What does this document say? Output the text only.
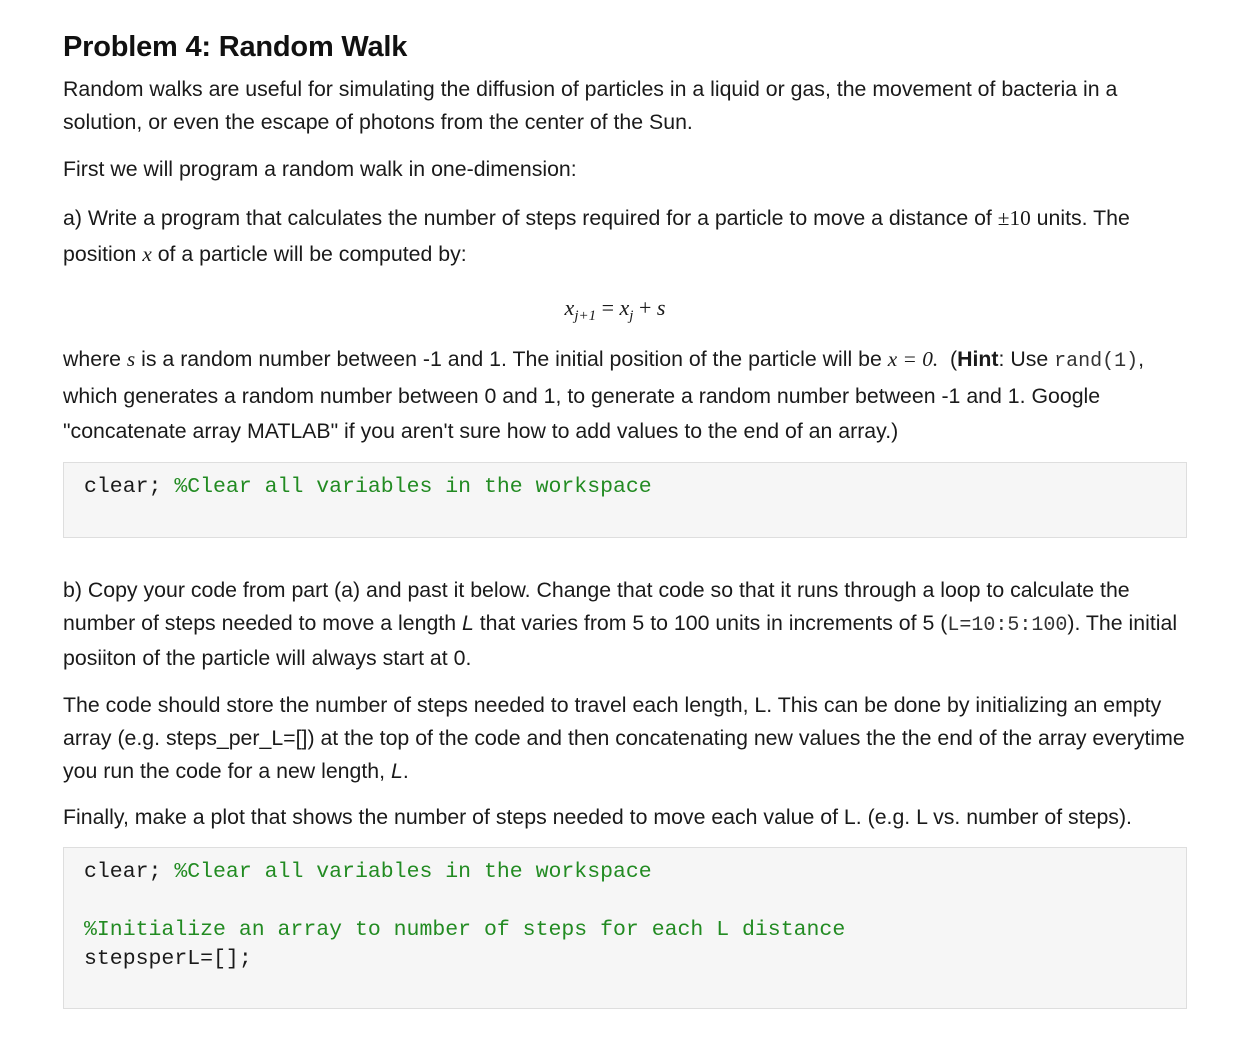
Problem 4: Random Walk

Random walks are useful for simulating the diffusion of particles in a liquid or gas, the movement of bacteria in a solution, or even the escape of photons from the center of the Sun.

First we will program a random walk in one-dimension:

a) Write a program that calculates the number of steps required for a particle to move a distance of ±10 units. The position x of a particle will be computed by:

$x_{j+1} = x_j + s$

where s is a random number between -1 and 1. The initial position of the particle will be x = 0.  (Hint: Use rand(1), which generates a random number between 0 and 1, to generate a random number between -1 and 1. Google "concatenate array MATLAB" if you aren't sure how to add values to the end of an array.)

clear; %Clear all variables in the workspace

b) Copy your code from part (a) and past it below. Change that code so that it runs through a loop to calculate the number of steps needed to move a length L that varies from 5 to 100 units in increments of 5 (L=10:5:100). The initial posiiton of the particle will always start at 0.

The code should store the number of steps needed to travel each length, L. This can be done by initializing an empty array (e.g. steps_per_L=[]) at the top of the code and then concatenating new values the the end of the array everytime you run the code for a new length, L.

Finally, make a plot that shows the number of steps needed to move each value of L. (e.g. L vs. number of steps).

clear; %Clear all variables in the workspace
%Initialize an array to number of steps for each L distance
stepsperL=[];
